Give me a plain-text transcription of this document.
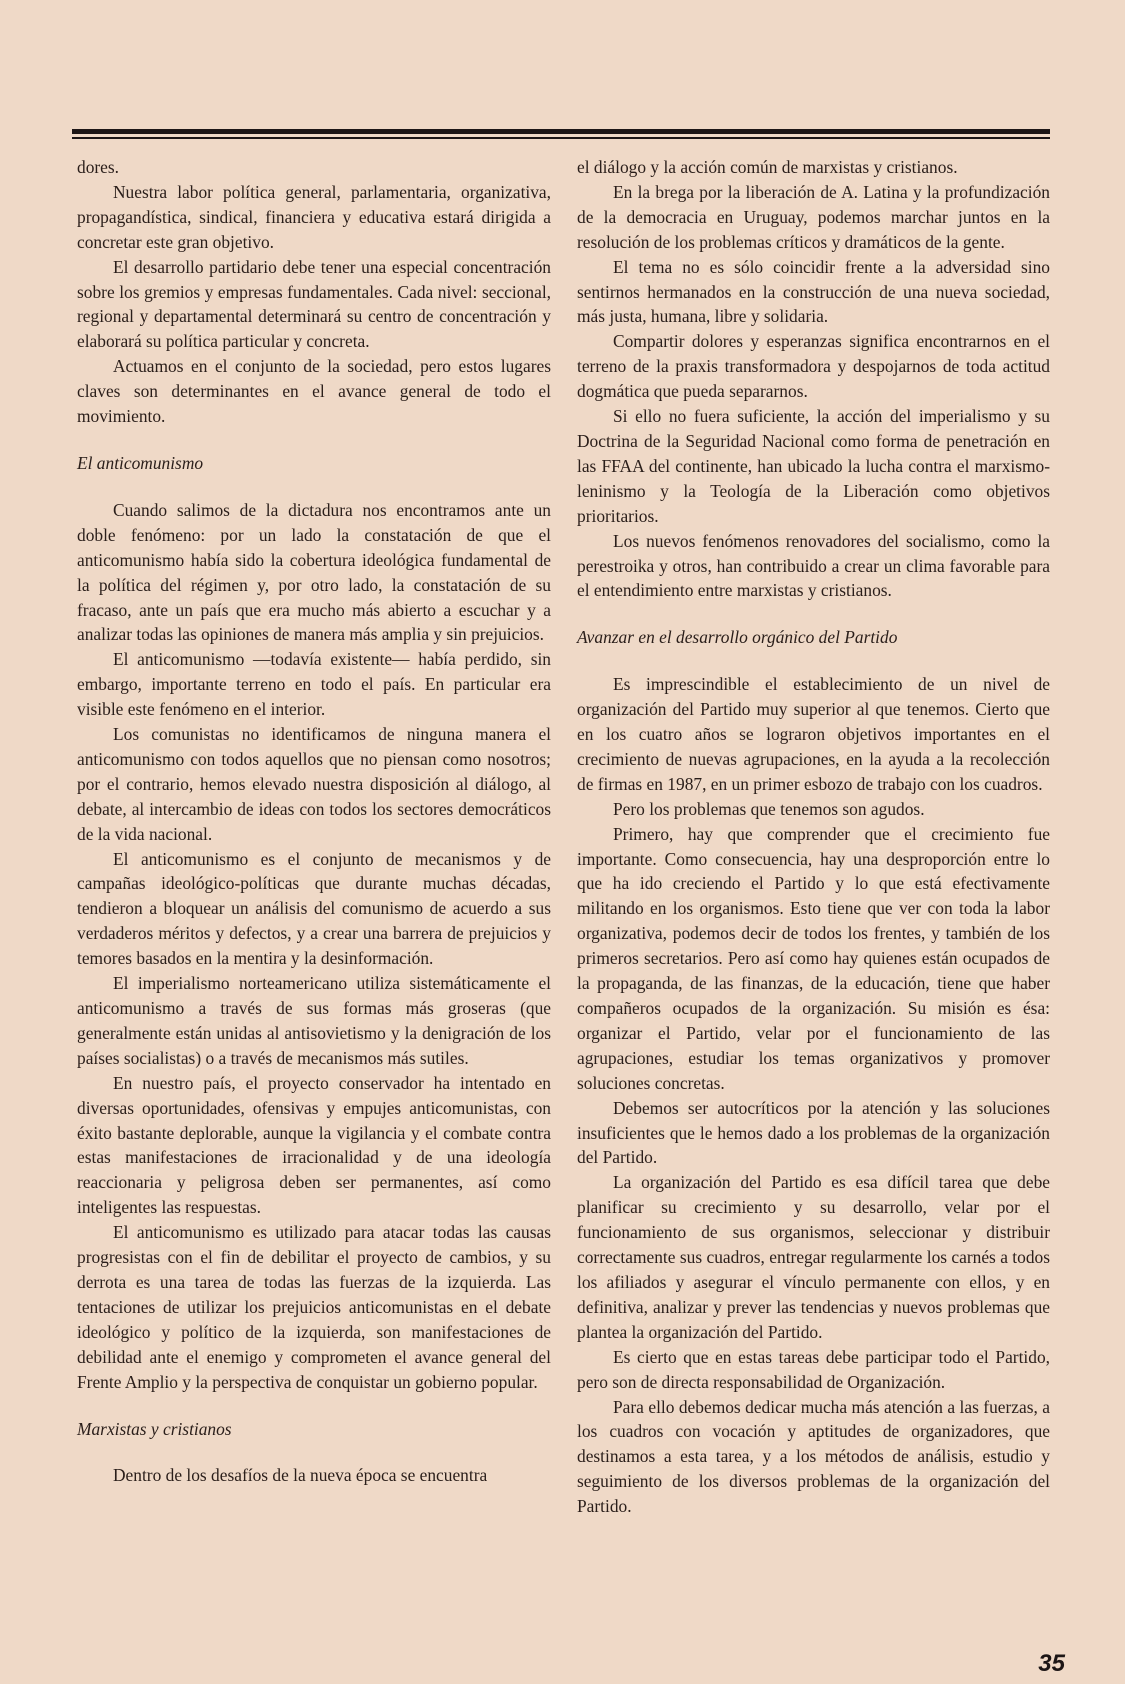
dores.

Nuestra labor política general, parlamentaria, organizativa, propagandística, sindical, financiera y educativa estará dirigida a concretar este gran objetivo.

El desarrollo partidario debe tener una especial concentración sobre los gremios y empresas fundamentales. Cada nivel: seccional, regional y departamental determinará su centro de concentración y elaborará su política particular y concreta.

Actuamos en el conjunto de la sociedad, pero estos lugares claves son determinantes en el avance general de todo el movimiento.

El anticomunismo

Cuando salimos de la dictadura nos encontramos ante un doble fenómeno: por un lado la constatación de que el anticomunismo había sido la cobertura ideológica fundamental de la política del régimen y, por otro lado, la constatación de su fracaso, ante un país que era mucho más abierto a escuchar y a analizar todas las opiniones de manera más amplia y sin prejuicios.

El anticomunismo —todavía existente— había perdido, sin embargo, importante terreno en todo el país. En particular era visible este fenómeno en el interior.

Los comunistas no identificamos de ninguna manera el anticomunismo con todos aquellos que no piensan como nosotros; por el contrario, hemos elevado nuestra disposición al diálogo, al debate, al intercambio de ideas con todos los sectores democráticos de la vida nacional.

El anticomunismo es el conjunto de mecanismos y de campañas ideológico-políticas que durante muchas décadas, tendieron a bloquear un análisis del comunismo de acuerdo a sus verdaderos méritos y defectos, y a crear una barrera de prejuicios y temores basados en la mentira y la desinformación.

El imperialismo norteamericano utiliza sistemáticamente el anticomunismo a través de sus formas más groseras (que generalmente están unidas al antisovietismo y la denigración de los países socialistas) o a través de mecanismos más sutiles.

En nuestro país, el proyecto conservador ha intentado en diversas oportunidades, ofensivas y empujes anticomunistas, con éxito bastante deplorable, aunque la vigilancia y el combate contra estas manifestaciones de irracionalidad y de una ideología reaccionaria y peligrosa deben ser permanentes, así como inteligentes las respuestas.

El anticomunismo es utilizado para atacar todas las causas progresistas con el fin de debilitar el proyecto de cambios, y su derrota es una tarea de todas las fuerzas de la izquierda. Las tentaciones de utilizar los prejuicios anticomunistas en el debate ideológico y político de la izquierda, son manifestaciones de debilidad ante el enemigo y comprometen el avance general del Frente Amplio y la perspectiva de conquistar un gobierno popular.

Marxistas y cristianos

Dentro de los desafíos de la nueva época se encuentra

el diálogo y la acción común de marxistas y cristianos.

En la brega por la liberación de A. Latina y la profundización de la democracia en Uruguay, podemos marchar juntos en la resolución de los problemas críticos y dramáticos de la gente.

El tema no es sólo coincidir frente a la adversidad sino sentirnos hermanados en la construcción de una nueva sociedad, más justa, humana, libre y solidaria.

Compartir dolores y esperanzas significa encontrarnos en el terreno de la praxis transformadora y despojarnos de toda actitud dogmática que pueda separarnos.

Si ello no fuera suficiente, la acción del imperialismo y su Doctrina de la Seguridad Nacional como forma de penetración en las FFAA del continente, han ubicado la lucha contra el marxismo-leninismo y la Teología de la Liberación como objetivos prioritarios.

Los nuevos fenómenos renovadores del socialismo, como la perestroika y otros, han contribuido a crear un clima favorable para el entendimiento entre marxistas y cristianos.

Avanzar en el desarrollo orgánico del Partido

Es imprescindible el establecimiento de un nivel de organización del Partido muy superior al que tenemos. Cierto que en los cuatro años se lograron objetivos importantes en el crecimiento de nuevas agrupaciones, en la ayuda a la recolección de firmas en 1987, en un primer esbozo de trabajo con los cuadros.

Pero los problemas que tenemos son agudos.

Primero, hay que comprender que el crecimiento fue importante. Como consecuencia, hay una desproporción entre lo que ha ido creciendo el Partido y lo que está efectivamente militando en los organismos. Esto tiene que ver con toda la labor organizativa, podemos decir de todos los frentes, y también de los primeros secretarios. Pero así como hay quienes están ocupados de la propaganda, de las finanzas, de la educación, tiene que haber compañeros ocupados de la organización. Su misión es ésa: organizar el Partido, velar por el funcionamiento de las agrupaciones, estudiar los temas organizativos y promover soluciones concretas.

Debemos ser autocríticos por la atención y las soluciones insuficientes que le hemos dado a los problemas de la organización del Partido.

La organización del Partido es esa difícil tarea que debe planificar su crecimiento y su desarrollo, velar por el funcionamiento de sus organismos, seleccionar y distribuir correctamente sus cuadros, entregar regularmente los carnés a todos los afiliados y asegurar el vínculo permanente con ellos, y en definitiva, analizar y prever las tendencias y nuevos problemas que plantea la organización del Partido.

Es cierto que en estas tareas debe participar todo el Partido, pero son de directa responsabilidad de Organización.

Para ello debemos dedicar mucha más atención a las fuerzas, a los cuadros con vocación y aptitudes de organizadores, que destinamos a esta tarea, y a los métodos de análisis, estudio y seguimiento de los diversos problemas de la organización del Partido.

35
